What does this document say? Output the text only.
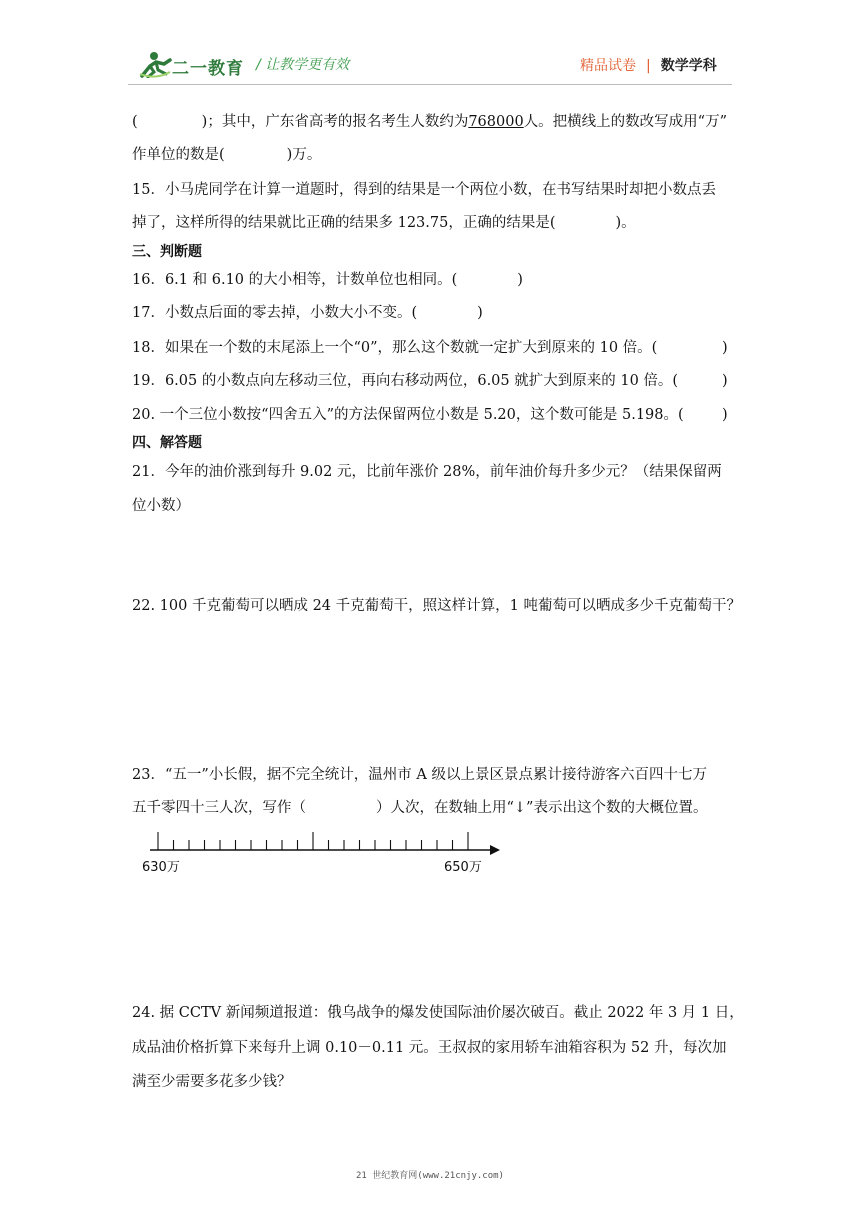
二一教育 / 让教学更有效	精品试卷 | 数学学科
(	)；其中，广东省高考的报名考生人数约为768000人。把横线上的数改写成用“万”
作单位的数是(	)万。
15．小马虎同学在计算一道题时，得到的结果是一个两位小数，在书写结果时却把小数点丢
掉了，这样所得的结果就比正确的结果多 123.75，正确的结果是(	)。
三、判断题
16．6.1 和 6.10 的大小相等，计数单位也相同。(	)
17．小数点后面的零去掉，小数大小不变。(	)
18．如果在一个数的末尾添上一个“0”，那么这个数就一定扩大到原来的 10 倍。(	)
19．6.05 的小数点向左移动三位，再向右移动两位，6.05 就扩大到原来的 10 倍。(	)
20. 一个三位小数按“四舍五入”的方法保留两位小数是 5.20，这个数可能是 5.198。(	)
四、解答题
21．今年的油价涨到每升 9.02 元，比前年涨价 28%，前年油价每升多少元？（结果保留两
位小数）
22. 100 千克葡萄可以晒成 24 千克葡萄干，照这样计算，1 吨葡萄可以晒成多少千克葡萄干？
23．“五一”小长假，据不完全统计，温州市 A 级以上景区景点累计接待游客六百四十七万
五千零四十三人次，写作（	）人次，在数轴上用“↓”表示出这个数的大概位置。
630万	650万
24. 据 CCTV 新闻频道报道：俄乌战争的爆发使国际油价屡次破百。截止 2022 年 3 月 1 日，
成品油价格折算下来每升上调 0.10－0.11 元。王叔叔的家用轿车油箱容积为 52 升，每次加
满至少需要多花多少钱？
21 世纪教育网(www.21cnjy.com)
